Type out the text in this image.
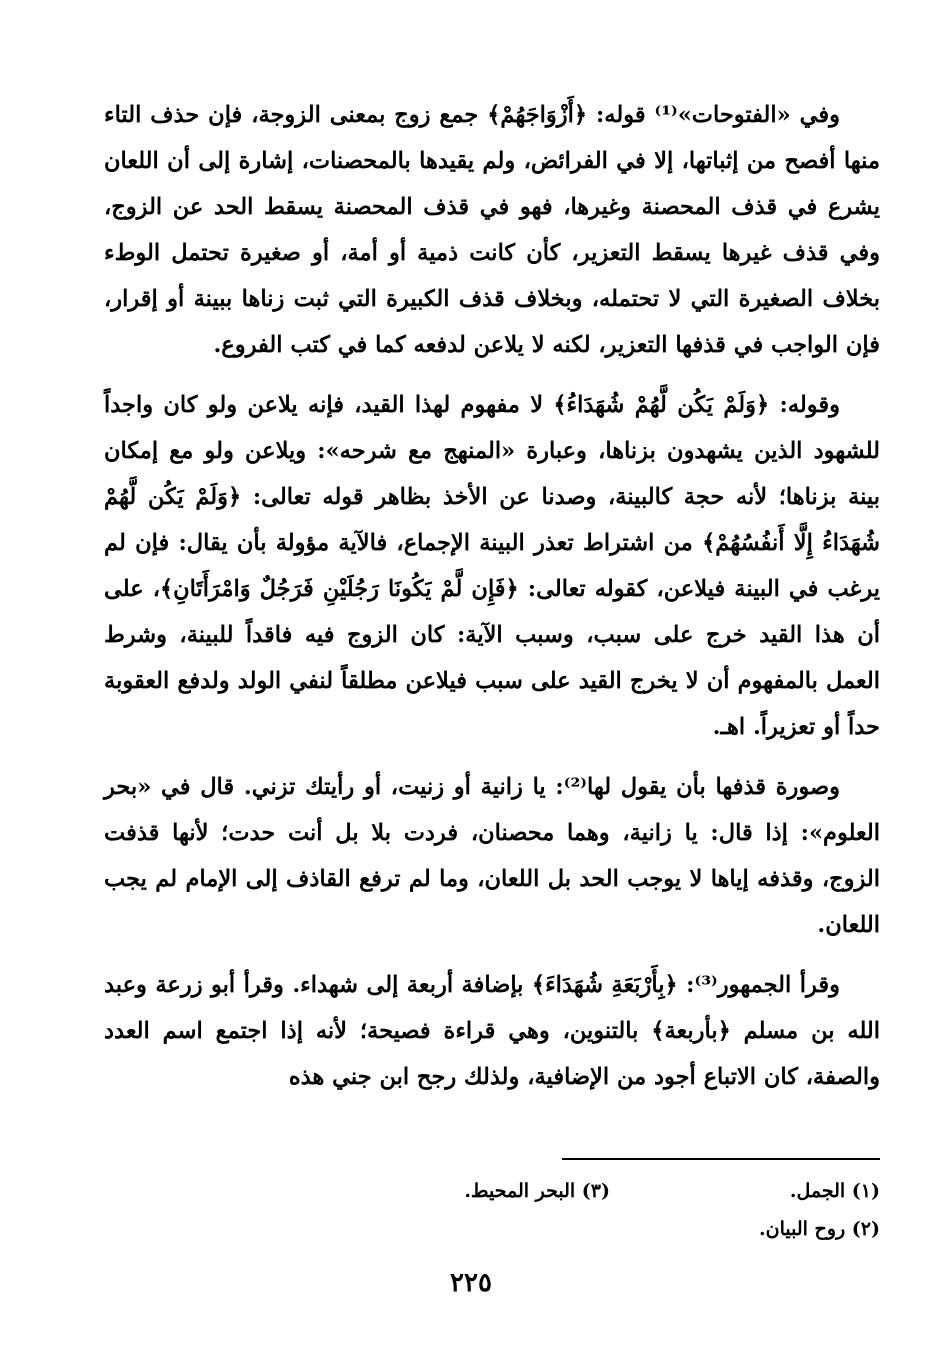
وفي «الفتوحات»⁽¹⁾ قوله: ﴿أَزْوَاجَهُمْ﴾ جمع زوج بمعنى الزوجة، فإن حذف التاء منها أفصح من إثباتها، إلا في الفرائض، ولم يقيدها بالمحصنات، إشارة إلى أن اللعان يشرع في قذف المحصنة وغيرها، فهو في قذف المحصنة يسقط الحد عن الزوج، وفي قذف غيرها يسقط التعزير، كأن كانت ذمية أو أمة، أو صغيرة تحتمل الوطء بخلاف الصغيرة التي لا تحتمله، وبخلاف قذف الكبيرة التي ثبت زناها ببينة أو إقرار، فإن الواجب في قذفها التعزير، لكنه لا يلاعن لدفعه كما في كتب الفروع.

وقوله: ﴿وَلَمْ يَكُن لَّهُمْ شُهَدَاءُ﴾ لا مفهوم لهذا القيد، فإنه يلاعن ولو كان واجداً للشهود الذين يشهدون بزناها، وعبارة «المنهج مع شرحه»: ويلاعن ولو مع إمكان بينة بزناها؛ لأنه حجة كالبينة، وصدنا عن الأخذ بظاهر قوله تعالى: ﴿وَلَمْ يَكُن لَّهُمْ شُهَدَاءُ إِلَّا أَنفُسُهُمْ﴾ من اشتراط تعذر البينة الإجماع، فالآية مؤولة بأن يقال: فإن لم يرغب في البينة فيلاعن، كقوله تعالى: ﴿فَإِن لَّمْ يَكُونَا رَجُلَيْنِ فَرَجُلٌ وَامْرَأَتَانِ﴾، على أن هذا القيد خرج على سبب، وسبب الآية: كان الزوج فيه فاقداً للبينة، وشرط العمل بالمفهوم أن لا يخرج القيد على سبب فيلاعن مطلقاً لنفي الولد ولدفع العقوبة حداً أو تعزيراً. اهـ.

وصورة قذفها بأن يقول لها⁽²⁾: يا زانية أو زنيت، أو رأيتك تزني. قال في «بحر العلوم»: إذا قال: يا زانية، وهما محصنان، فردت بلا بل أنت حدت؛ لأنها قذفت الزوج، وقذفه إياها لا يوجب الحد بل اللعان، وما لم ترفع القاذف إلى الإمام لم يجب اللعان.

وقرأ الجمهور⁽³⁾: ﴿بِأَرْبَعَةِ شُهَدَاءَ﴾ بإضافة أربعة إلى شهداء. وقرأ أبو زرعة وعبد الله بن مسلم ﴿بأربعة﴾ بالتنوين، وهي قراءة فصيحة؛ لأنه إذا اجتمع اسم العدد والصفة، كان الاتباع أجود من الإضافية، ولذلك رجح ابن جني هذه

(١) الجمل.
(٣) البحر المحيط.
(٢) روح البيان.
٢٢٥
